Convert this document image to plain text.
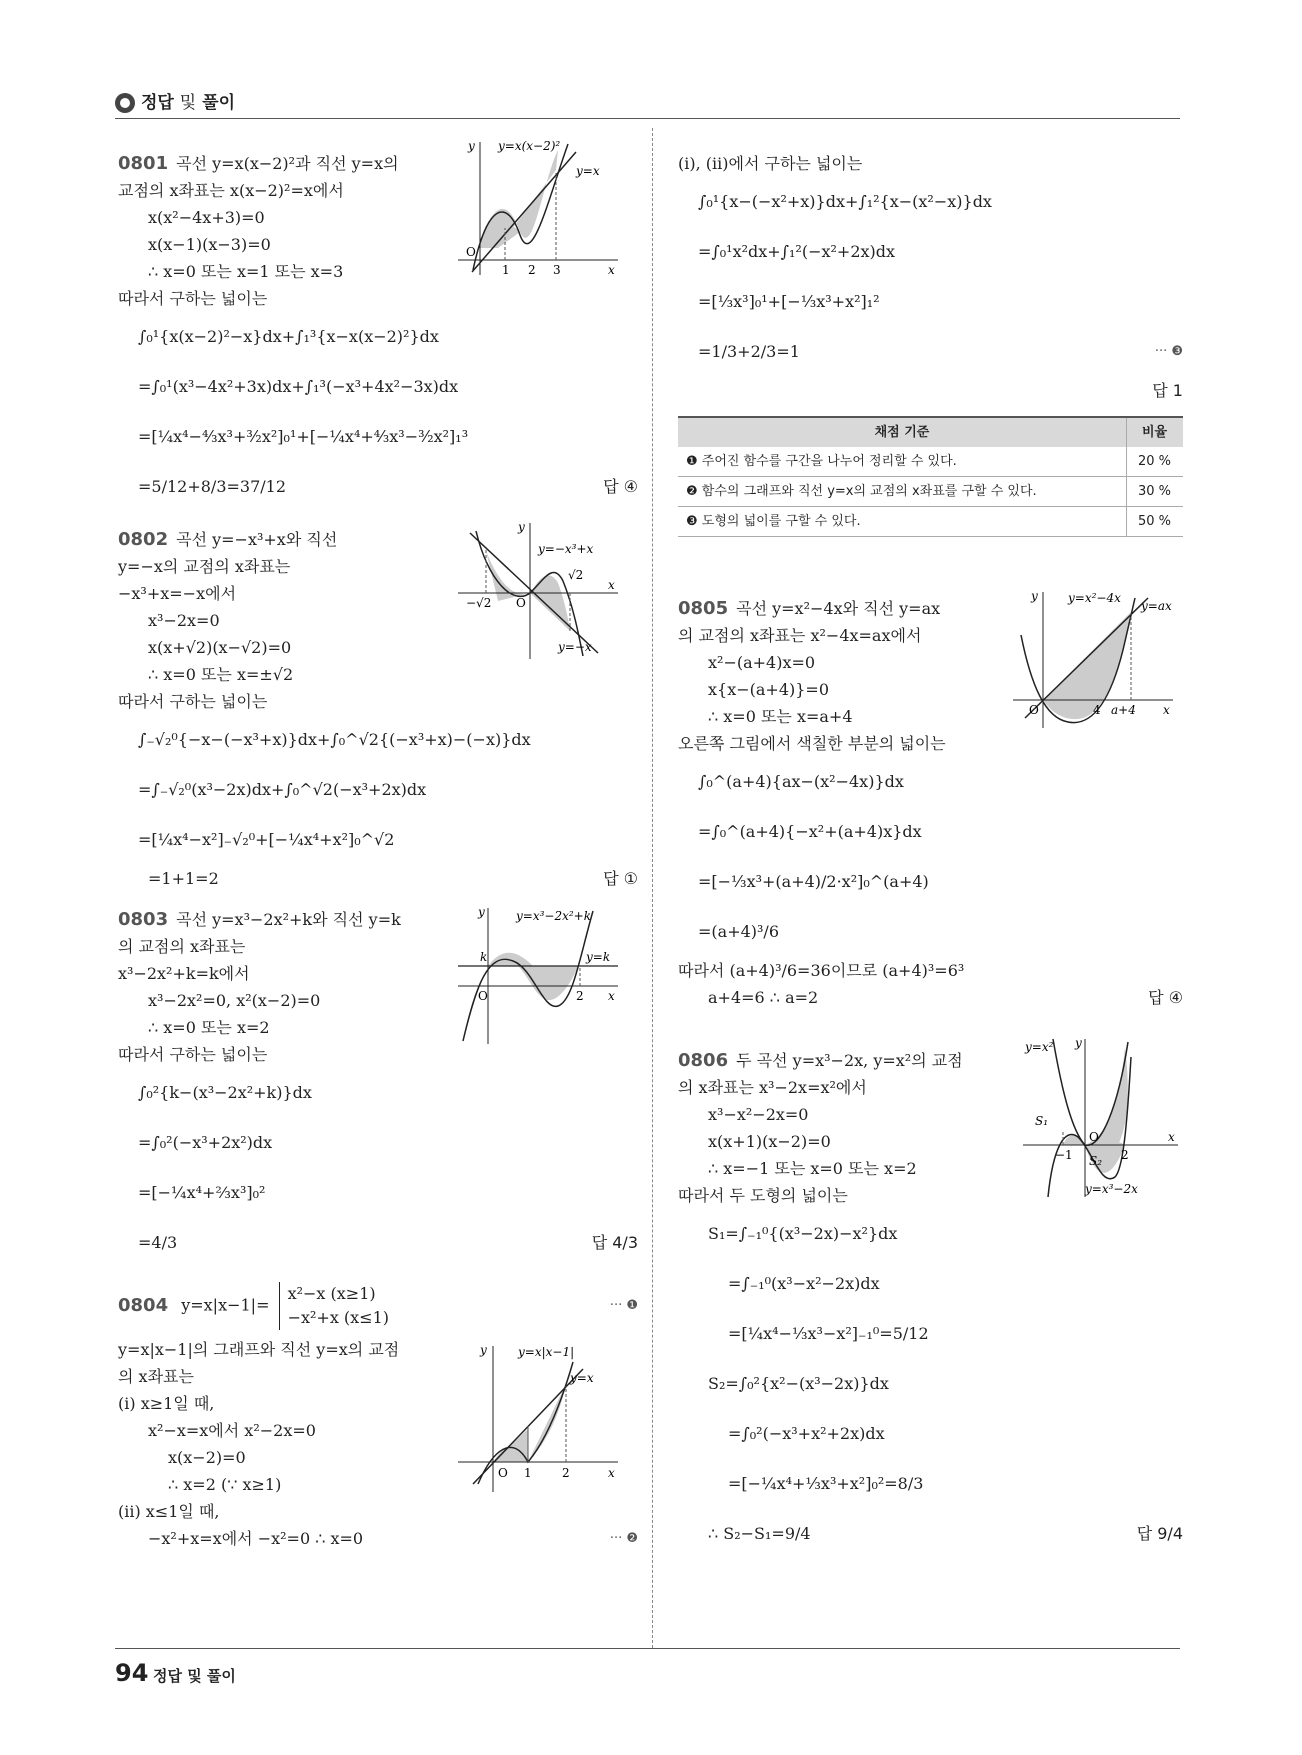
정답 및 풀이
y=x(x−2)²
y=x
1 2 3
O
x
y
0801 곡선 y=x(x−2)²과 직선 y=x의
교점의 x좌표는 x(x−2)²=x에서
x(x²−4x+3)=0
x(x−1)(x−3)=0
∴ x=0 또는 x=1 또는 x=3
따라서 구하는 넓이는
∫₀¹{x(x−2)²−x}dx+∫₁³{x−x(x−2)²}dx
=∫₀¹(x³−4x²+3x)dx+∫₁³(−x³+4x²−3x)dx
=[¼x⁴−⁴⁄₃x³+³⁄₂x²]₀¹+[−¼x⁴+⁴⁄₃x³−³⁄₂x²]₁³
=5/12+8/3=37/12	답 ④
y=−x³+x
y=−x
−√2
√2
O
x
y
0802 곡선 y=−x³+x와 직선
y=−x의 교점의 x좌표는
−x³+x=−x에서
x³−2x=0
x(x+√2)(x−√2)=0
∴ x=0 또는 x=±√2
따라서 구하는 넓이는
∫₋√₂⁰{−x−(−x³+x)}dx+∫₀^√2{(−x³+x)−(−x)}dx
=∫₋√₂⁰(x³−2x)dx+∫₀^√2(−x³+2x)dx
=[¼x⁴−x²]₋√₂⁰+[−¼x⁴+x²]₀^√2
=1+1=2	답 ①
y=x³−2x²+k
y=k
k
2
O	x
y
0803 곡선 y=x³−2x²+k와 직선 y=k
의 교점의 x좌표는
x³−2x²+k=k에서
x³−2x²=0, x²(x−2)=0
∴ x=0 또는 x=2
따라서 구하는 넓이는
∫₀²{k−(x³−2x²+k)}dx
=∫₀²(−x³+2x²)dx
=[−¼x⁴+⅔x³]₀²
=4/3	답 4/3
0804 y=x|x−1|=
x²−x (x≥1)
−x²+x (x≤1)
··· ❶
y=x|x−1|
y=x
1	2
O	x
y
y=x|x−1|의 그래프와 직선 y=x의 교점
의 x좌표는
(i) x≥1일 때,
x²−x=x에서 x²−2x=0
x(x−2)=0
∴ x=2 (∵ x≥1)
(ii) x≤1일 때,
−x²+x=x에서 −x²=0 ∴ x=0	··· ❷
(i), (ii)에서 구하는 넓이는
∫₀¹{x−(−x²+x)}dx+∫₁²{x−(x²−x)}dx
=∫₀¹x²dx+∫₁²(−x²+2x)dx
=[⅓x³]₀¹+[−⅓x³+x²]₁²
=1/3+2/3=1	··· ❸
답 1
채점 기준	비율
❶ 주어진 함수를 구간을 나누어 정리할 수 있다.	20 %
❷ 함수의 그래프와 직선 y=x의 교점의 x좌표를 구할 수 있다.	30 %
❸ 도형의 넓이를 구할 수 있다.	50 %
y=x²−4x
y=ax
4 a+4
O	x
y
0805 곡선 y=x²−4x와 직선 y=ax
의 교점의 x좌표는 x²−4x=ax에서
x²−(a+4)x=0
x{x−(a+4)}=0
∴ x=0 또는 x=a+4
오른쪽 그림에서 색칠한 부분의 넓이는
∫₀^(a+4){ax−(x²−4x)}dx
=∫₀^(a+4){−x²+(a+4)x}dx
=[−⅓x³+(a+4)/2·x²]₀^(a+4)
=(a+4)³/6
따라서 (a+4)³/6=36이므로 (a+4)³=6³
a+4=6 ∴ a=2	답 ④
y=x²
y=x³−2x
S₁
S₂
−1	2
O	x
y
0806 두 곡선 y=x³−2x, y=x²의 교점
의 x좌표는 x³−2x=x²에서
x³−x²−2x=0
x(x+1)(x−2)=0
∴ x=−1 또는 x=0 또는 x=2
따라서 두 도형의 넓이는
S₁=∫₋₁⁰{(x³−2x)−x²}dx
=∫₋₁⁰(x³−x²−2x)dx
=[¼x⁴−⅓x³−x²]₋₁⁰=5/12
S₂=∫₀²{x²−(x³−2x)}dx
=∫₀²(−x³+x²+2x)dx
=[−¼x⁴+⅓x³+x²]₀²=8/3
∴ S₂−S₁=9/4	답 9/4
94 정답 및 풀이
